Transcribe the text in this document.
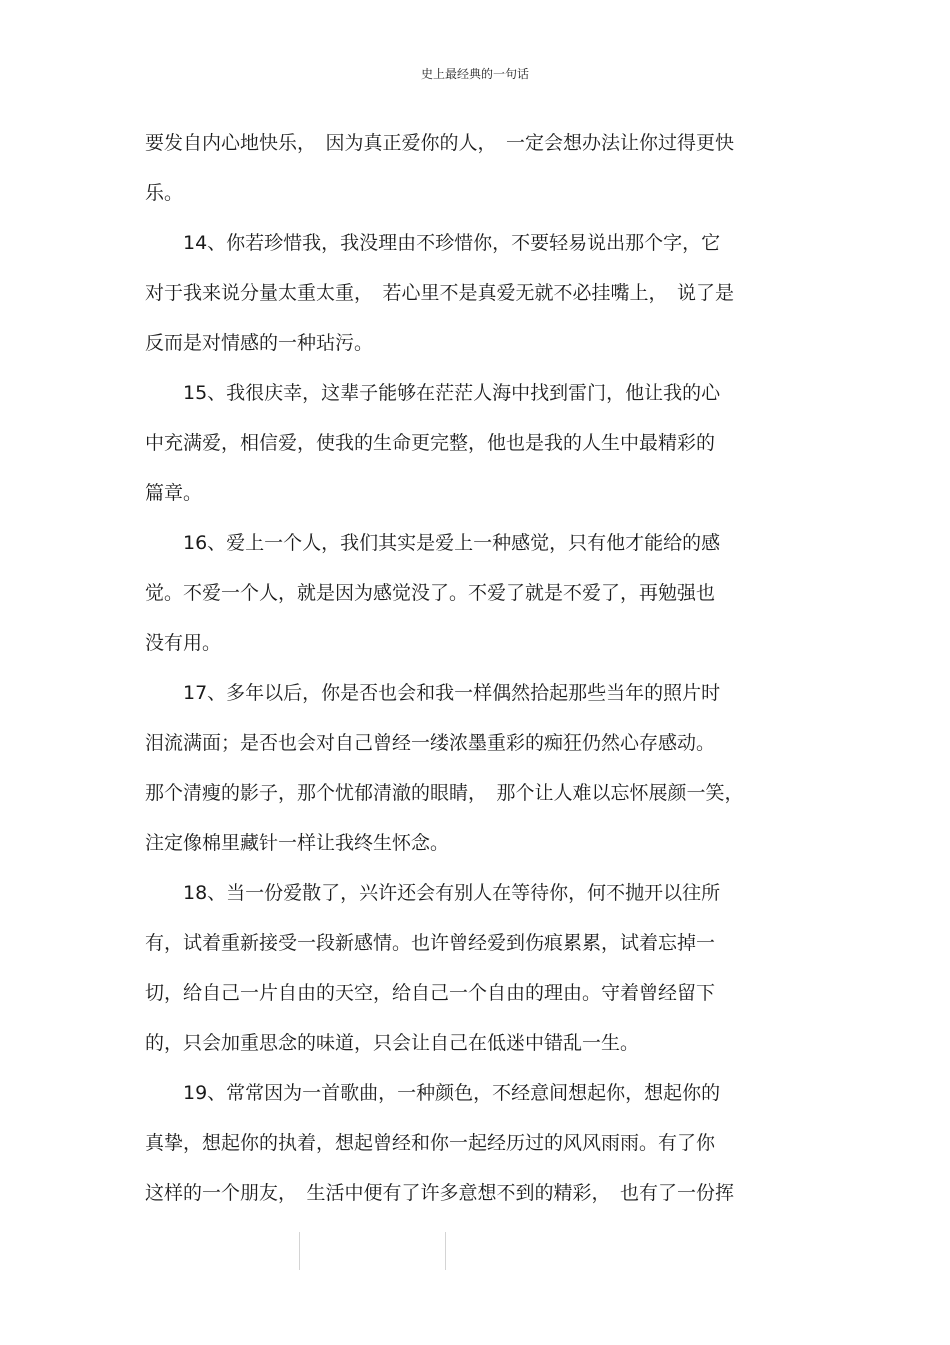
史上最经典的一句话
要发自内心地快乐，　因为真正爱你的人，　一定会想办法让你过得更快
乐。
　　14、你若珍惜我，我没理由不珍惜你，不要轻易说出那个字，它
对于我来说分量太重太重，　若心里不是真爱无就不必挂嘴上，　说了是
反而是对情感的一种玷污。
　　15、我很庆幸，这辈子能够在茫茫人海中找到雷门，他让我的心
中充满爱，相信爱，使我的生命更完整，他也是我的人生中最精彩的
篇章。
　　16、爱上一个人，我们其实是爱上一种感觉，只有他才能给的感
觉。不爱一个人，就是因为感觉没了。不爱了就是不爱了，再勉强也
没有用。
　　17、多年以后，你是否也会和我一样偶然拾起那些当年的照片时
泪流满面；是否也会对自己曾经一缕浓墨重彩的痴狂仍然心存感动。
那个清瘦的影子，那个忧郁清澈的眼睛，　那个让人难以忘怀展颜一笑，
注定像棉里藏针一样让我终生怀念。
　　18、当一份爱散了，兴许还会有别人在等待你，何不抛开以往所
有，试着重新接受一段新感情。也许曾经爱到伤痕累累，试着忘掉一
切，给自己一片自由的天空，给自己一个自由的理由。守着曾经留下
的，只会加重思念的味道，只会让自己在低迷中错乱一生。
　　19、常常因为一首歌曲，一种颜色，不经意间想起你，想起你的
真挚，想起你的执着，想起曾经和你一起经历过的风风雨雨。有了你
这样的一个朋友，　生活中便有了许多意想不到的精彩，　也有了一份挥
